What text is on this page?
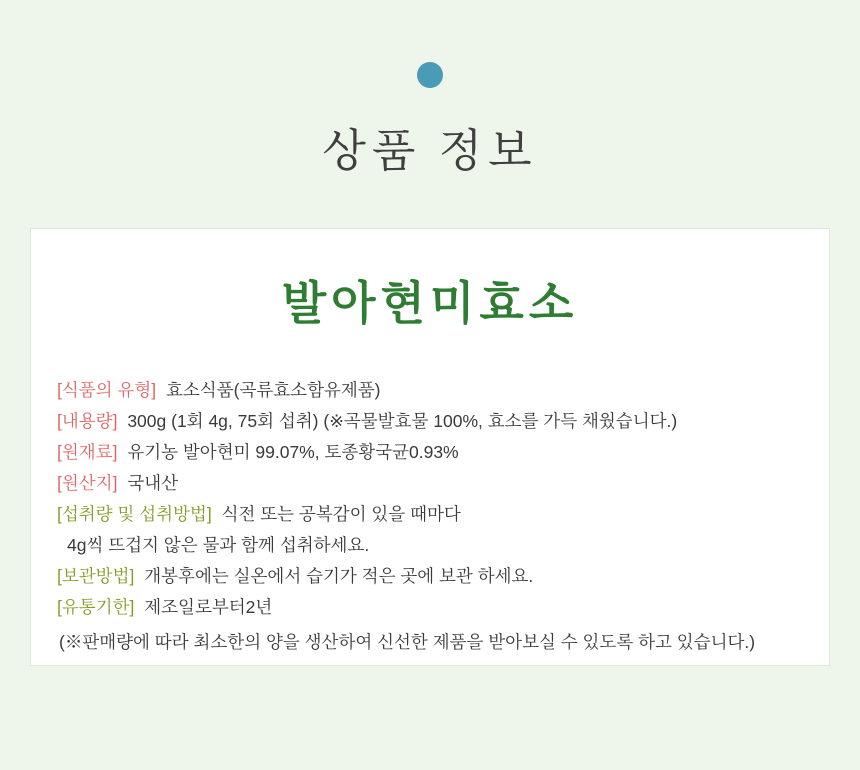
상품 정보
발아현미효소
[식품의 유형] 효소식품(곡류효소함유제품)
[내용량] 300g (1회 4g, 75회 섭취) (※곡물발효물 100%, 효소를 가득 채웠습니다.)
[원재료] 유기농 발아현미 99.07%, 토종황국균0.93%
[원산지] 국내산
[섭취량 및 섭취방법] 식전 또는 공복감이 있을 때마다
4g씩 뜨겁지 않은 물과 함께 섭취하세요.
[보관방법] 개봉후에는 실온에서 습기가 적은 곳에 보관 하세요.
[유통기한] 제조일로부터2년
(※판매량에 따라 최소한의 양을 생산하여 신선한 제품을 받아보실 수 있도록 하고 있습니다.)
